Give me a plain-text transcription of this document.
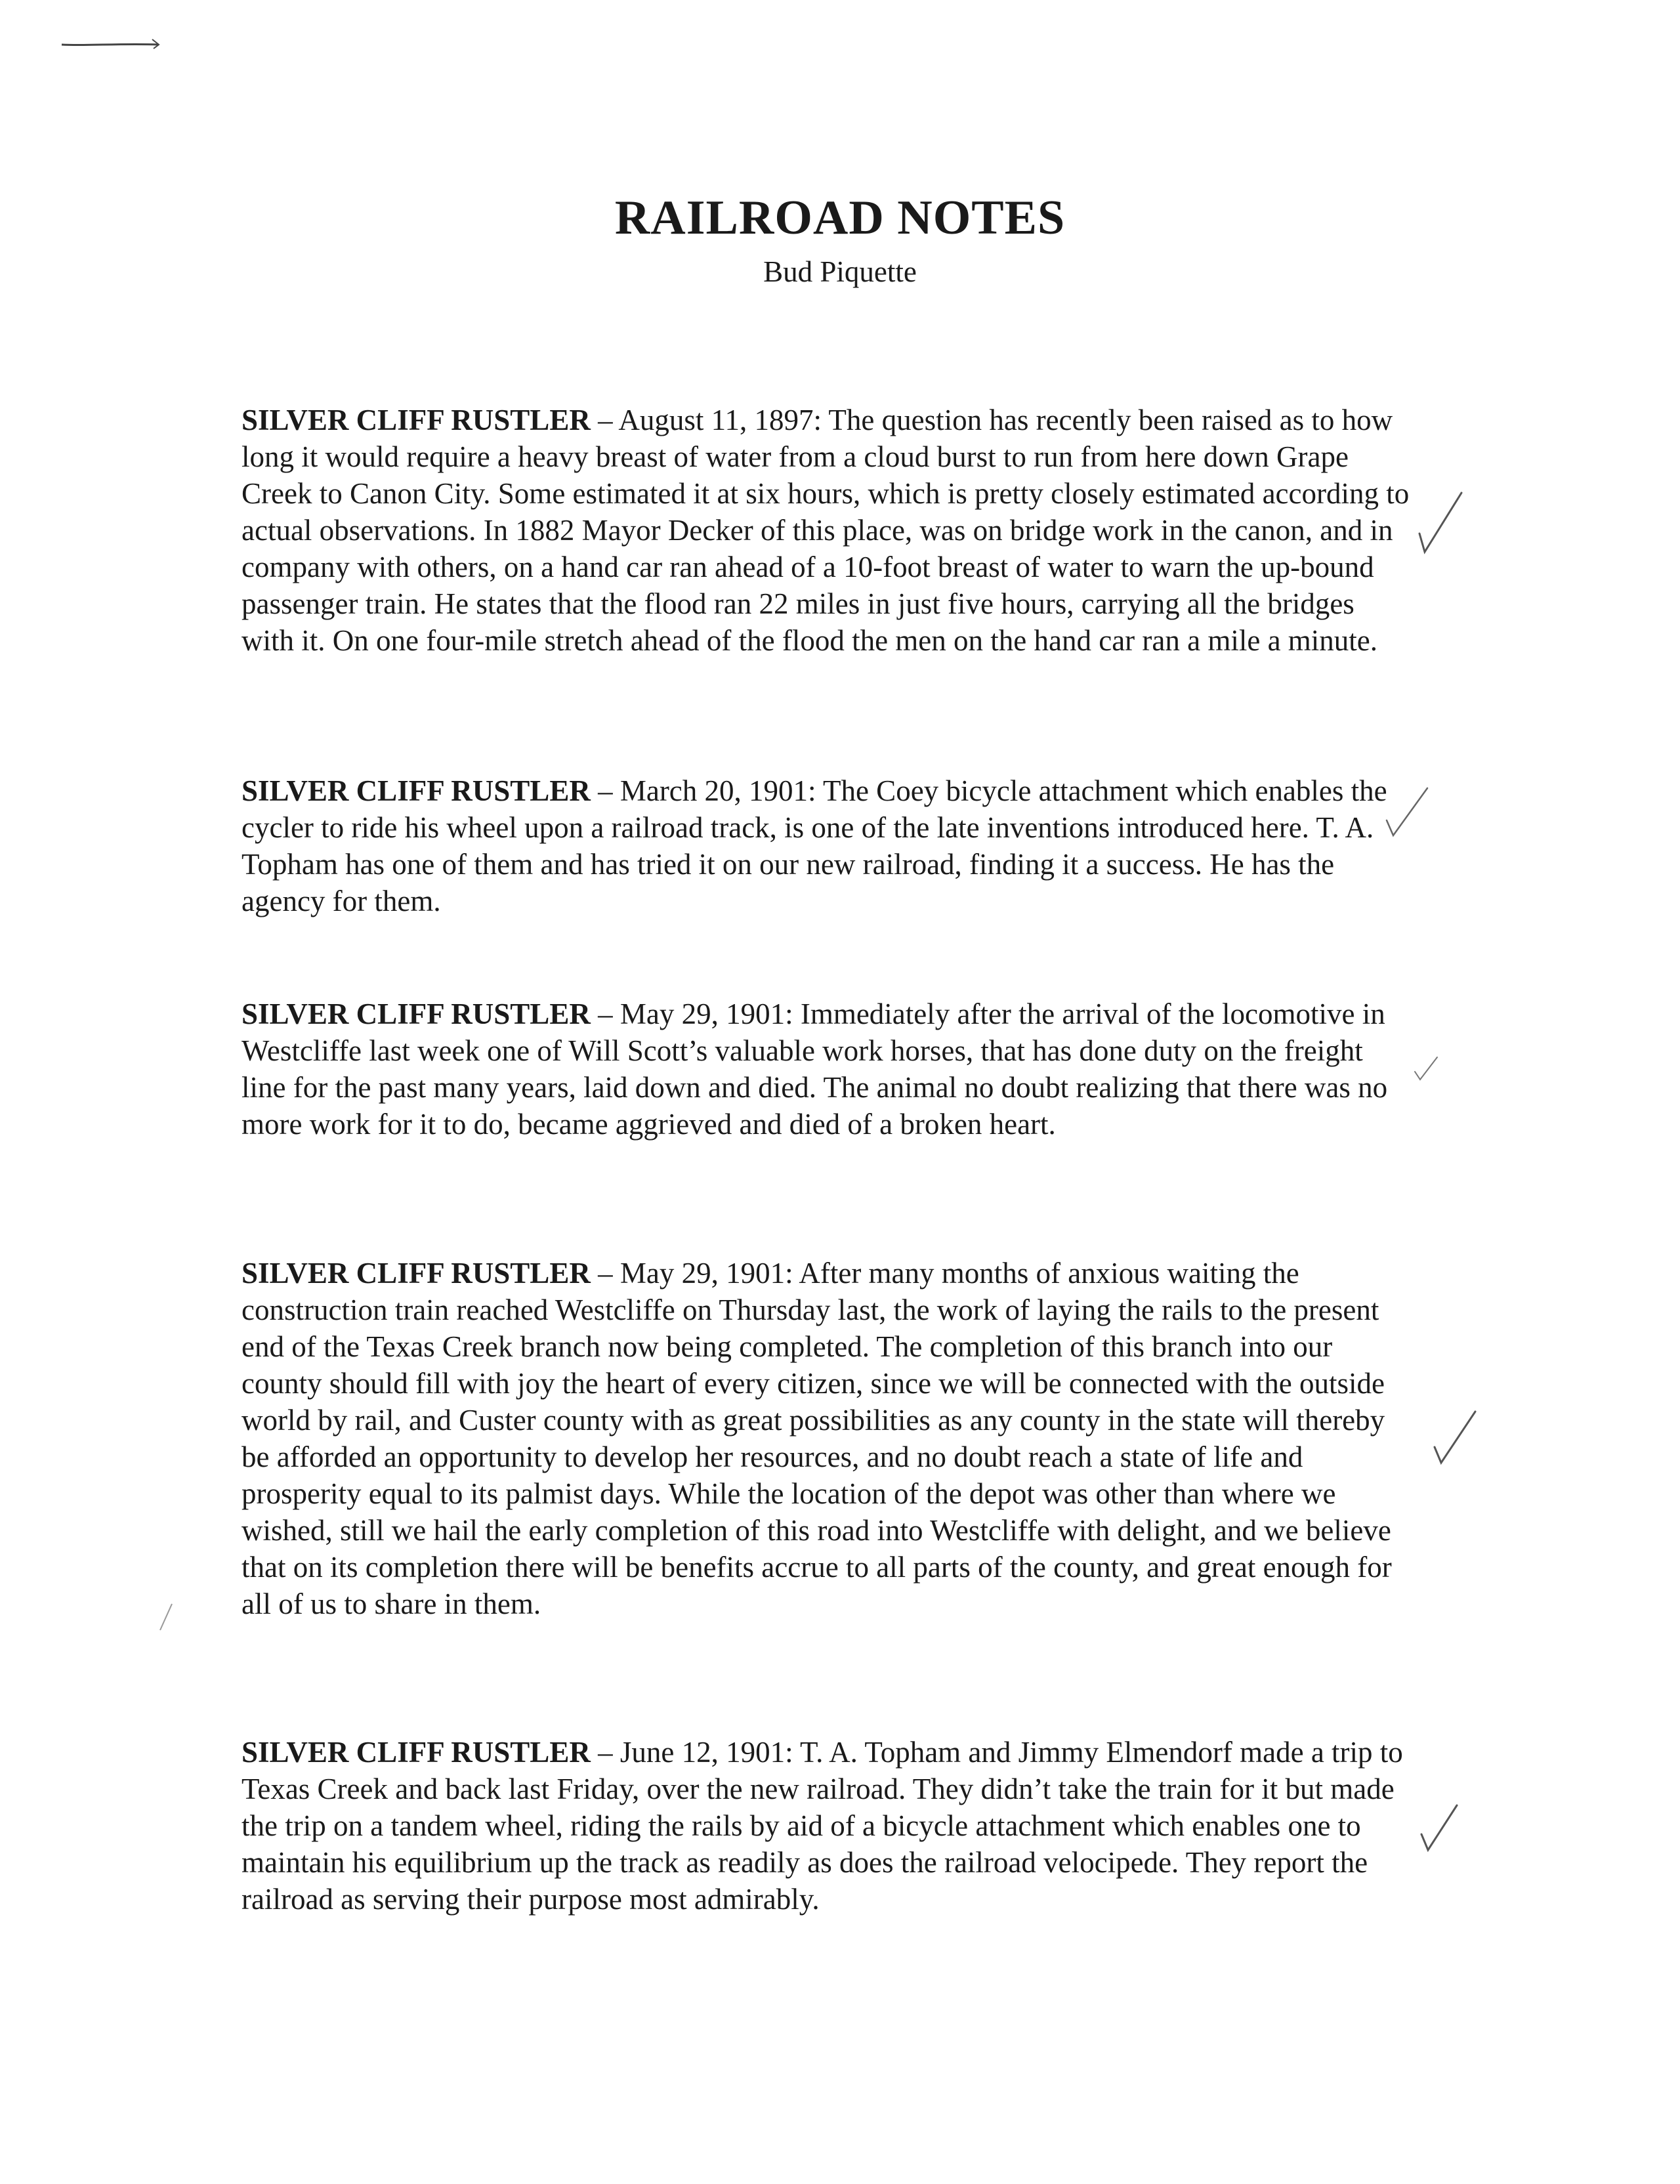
RAILROAD NOTES
Bud Piquette

SILVER CLIFF RUSTLER – August 11, 1897: The question has recently been raised as to how long it would require a heavy breast of water from a cloud burst to run from here down Grape Creek to Canon City. Some estimated it at six hours, which is pretty closely estimated according to actual observations. In 1882 Mayor Decker of this place, was on bridge work in the canon, and in company with others, on a hand car ran ahead of a 10-foot breast of water to warn the up-bound passenger train. He states that the flood ran 22 miles in just five hours, carrying all the bridges with it. On one four-mile stretch ahead of the flood the men on the hand car ran a mile a minute.

SILVER CLIFF RUSTLER – March 20, 1901: The Coey bicycle attachment which enables the cycler to ride his wheel upon a railroad track, is one of the late inventions introduced here. T. A. Topham has one of them and has tried it on our new railroad, finding it a success. He has the agency for them.

SILVER CLIFF RUSTLER – May 29, 1901: Immediately after the arrival of the locomotive in Westcliffe last week one of Will Scott’s valuable work horses, that has done duty on the freight line for the past many years, laid down and died. The animal no doubt realizing that there was no more work for it to do, became aggrieved and died of a broken heart.

SILVER CLIFF RUSTLER – May 29, 1901: After many months of anxious waiting the construction train reached Westcliffe on Thursday last, the work of laying the rails to the present end of the Texas Creek branch now being completed. The completion of this branch into our county should fill with joy the heart of every citizen, since we will be connected with the outside world by rail, and Custer county with as great possibilities as any county in the state will thereby be afforded an opportunity to develop her resources, and no doubt reach a state of life and prosperity equal to its palmist days. While the location of the depot was other than where we wished, still we hail the early completion of this road into Westcliffe with delight, and we believe that on its completion there will be benefits accrue to all parts of the county, and great enough for all of us to share in them.

SILVER CLIFF RUSTLER – June 12, 1901: T. A. Topham and Jimmy Elmendorf made a trip to Texas Creek and back last Friday, over the new railroad. They didn’t take the train for it but made the trip on a tandem wheel, riding the rails by aid of a bicycle attachment which enables one to maintain his equilibrium up the track as readily as does the railroad velocipede. They report the railroad as serving their purpose most admirably.
